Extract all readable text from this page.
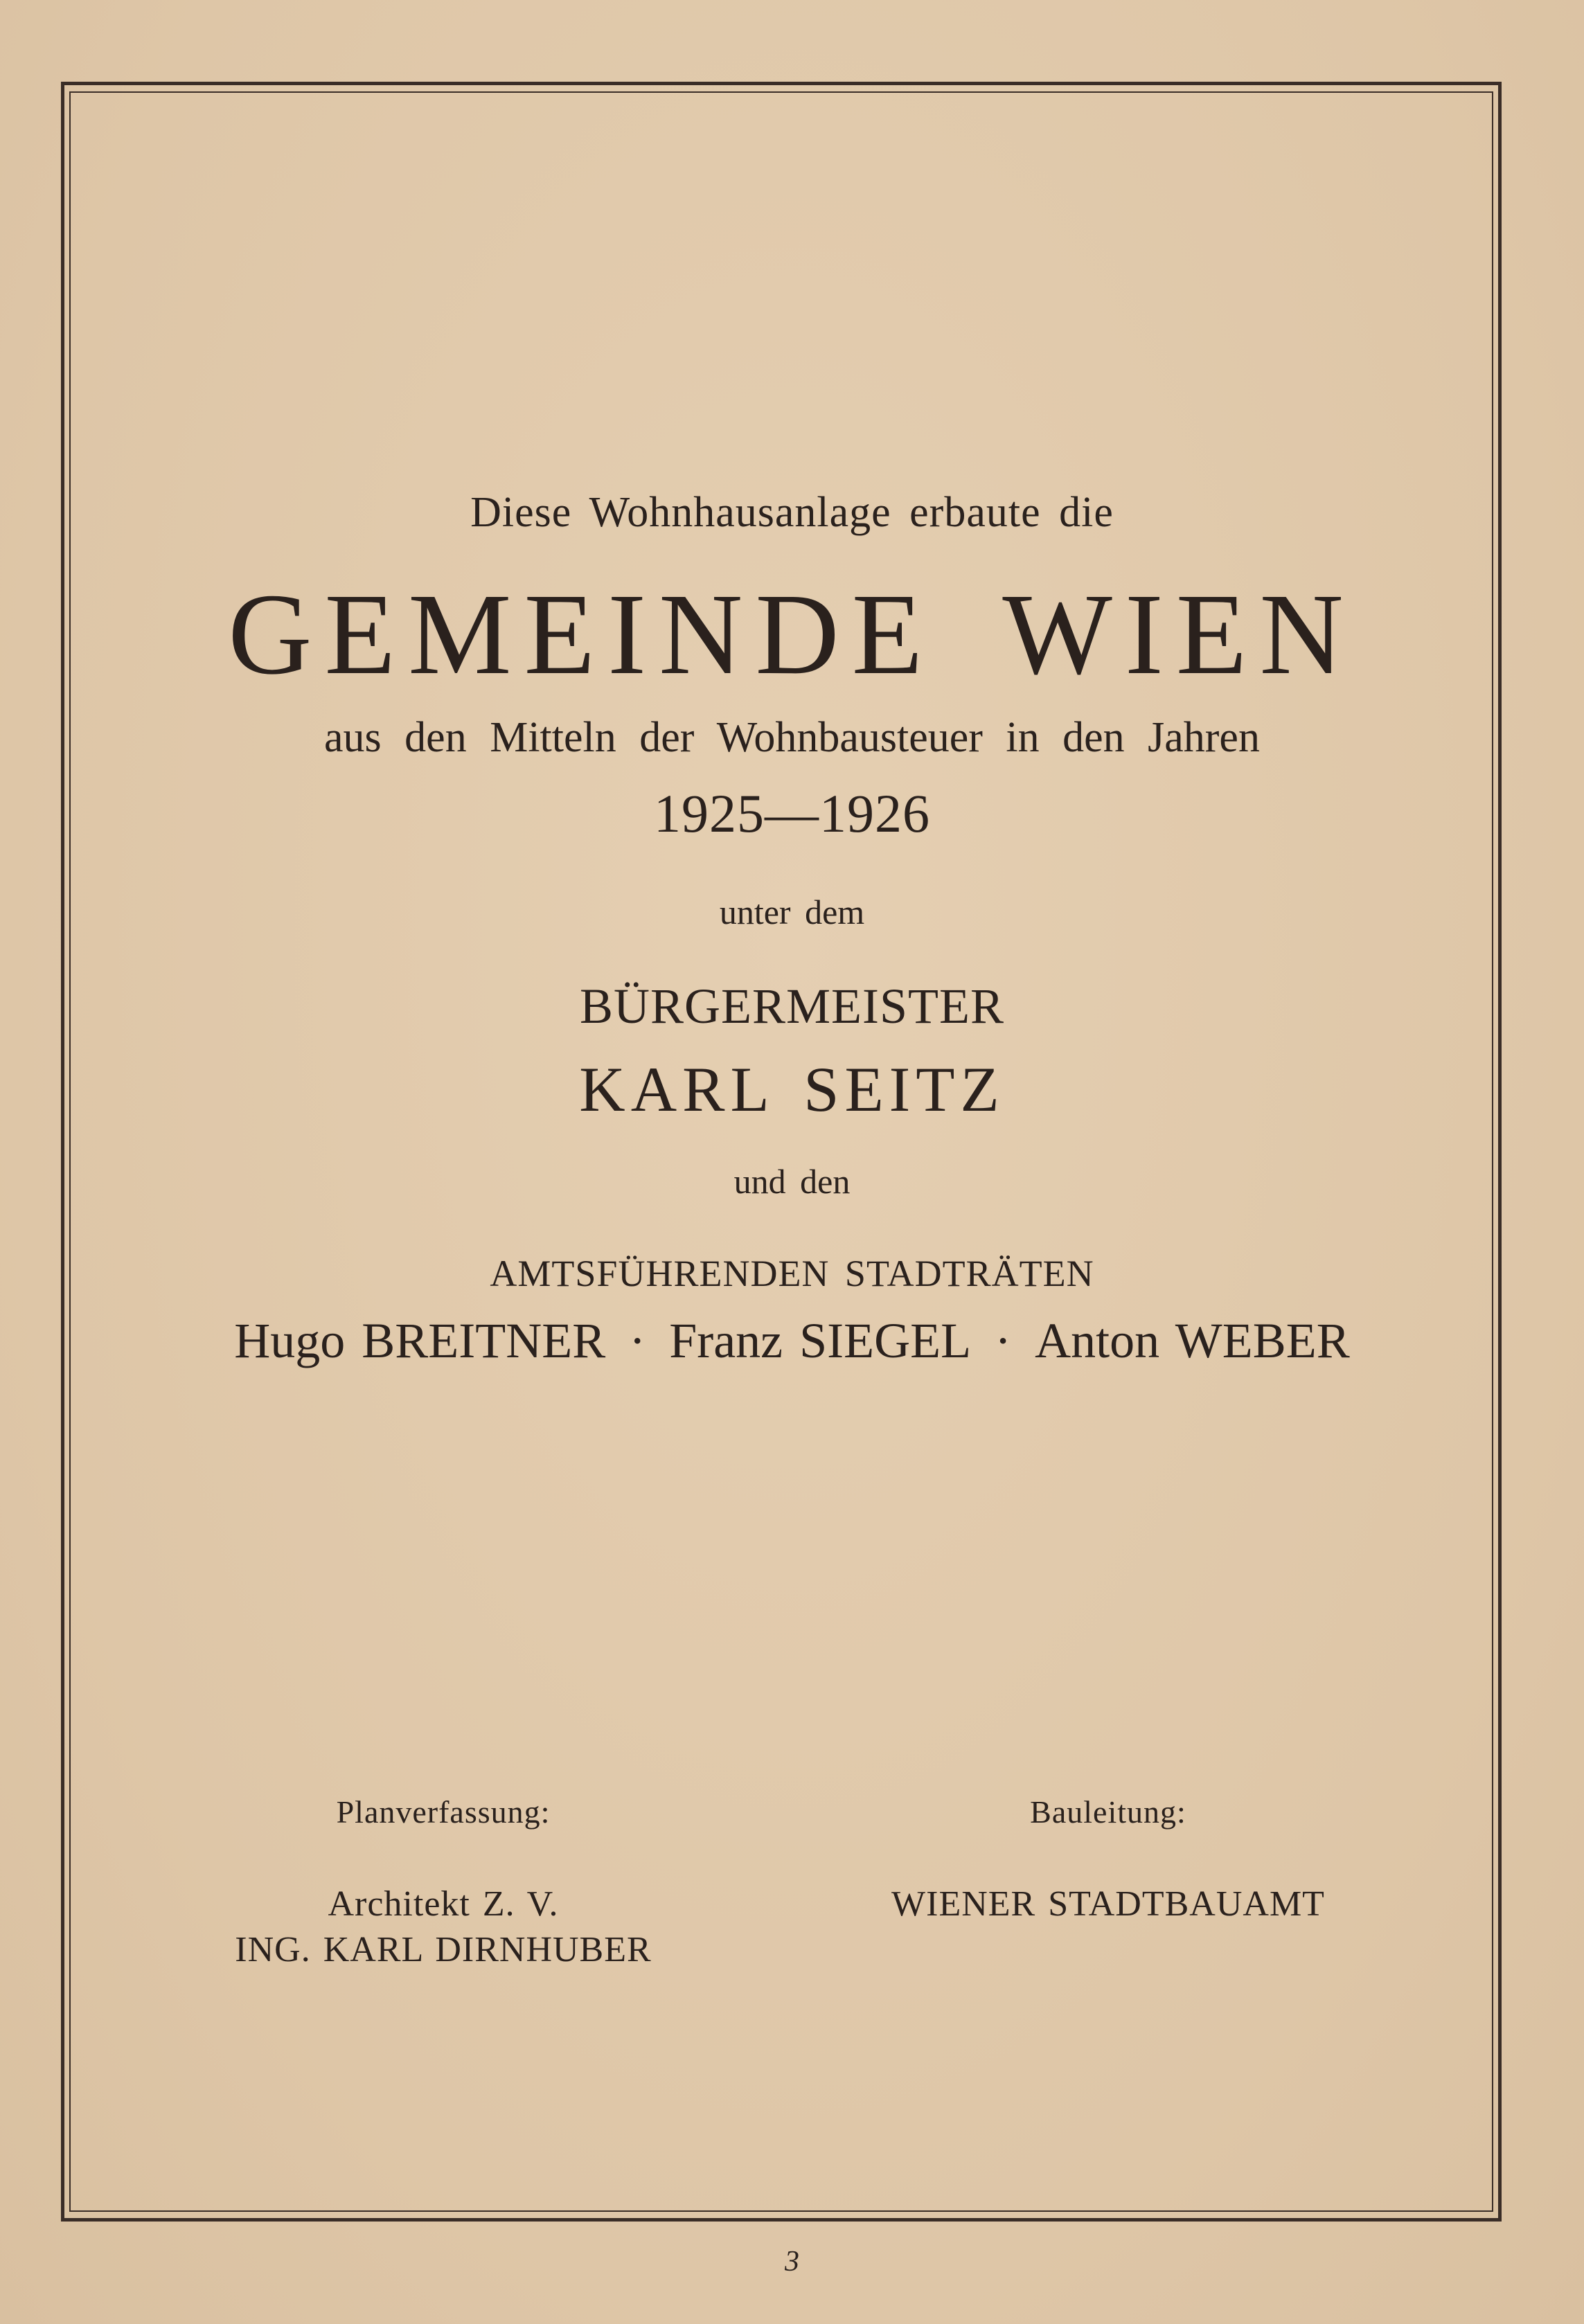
Diese Wohnhausanlage erbaute die
GEMEINDE WIEN
aus den Mitteln der Wohnbausteuer in den Jahren
1925—1926
unter dem
BÜRGERMEISTER
KARL SEITZ
und den
AMTSFÜHRENDEN STADTRÄTEN
Hugo BREITNER · Franz SIEGEL · Anton WEBER
Planverfassung:
Architekt Z. V.
ING. KARL DIRNHUBER
Bauleitung:
WIENER STADTBAUAMT
3
